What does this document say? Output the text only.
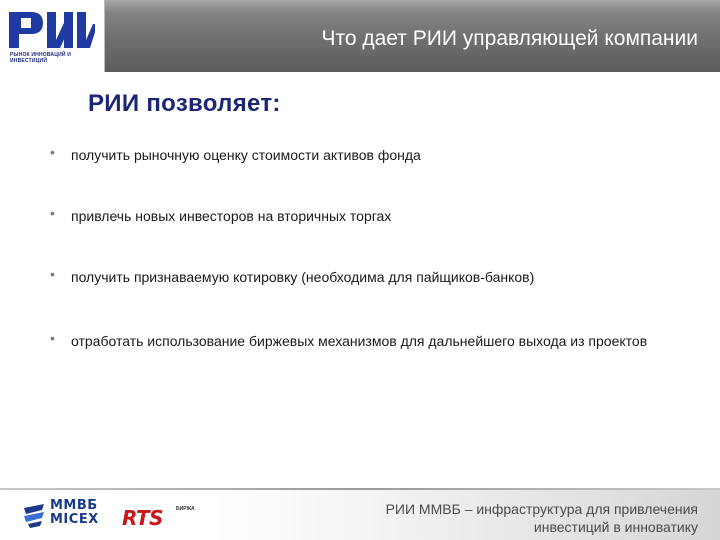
РЫНОК ИННОВАЦИЙ И ИНВЕСТИЦИЙ
Что дает РИИ управляющей компании
РИИ позволяет:
• получить рыночную оценку стоимости активов фонда
• привлечь новых инвесторов на вторичных торгах
• получить признаваемую котировку (необходима для пайщиков-банков)
• отработать использование биржевых механизмов для дальнейшего выхода из проектов
ММВБ
MICEX RTS	БИРЖА	РИИ ММВБ – инфраструктура для привлечения
инвестиций в инноватику
